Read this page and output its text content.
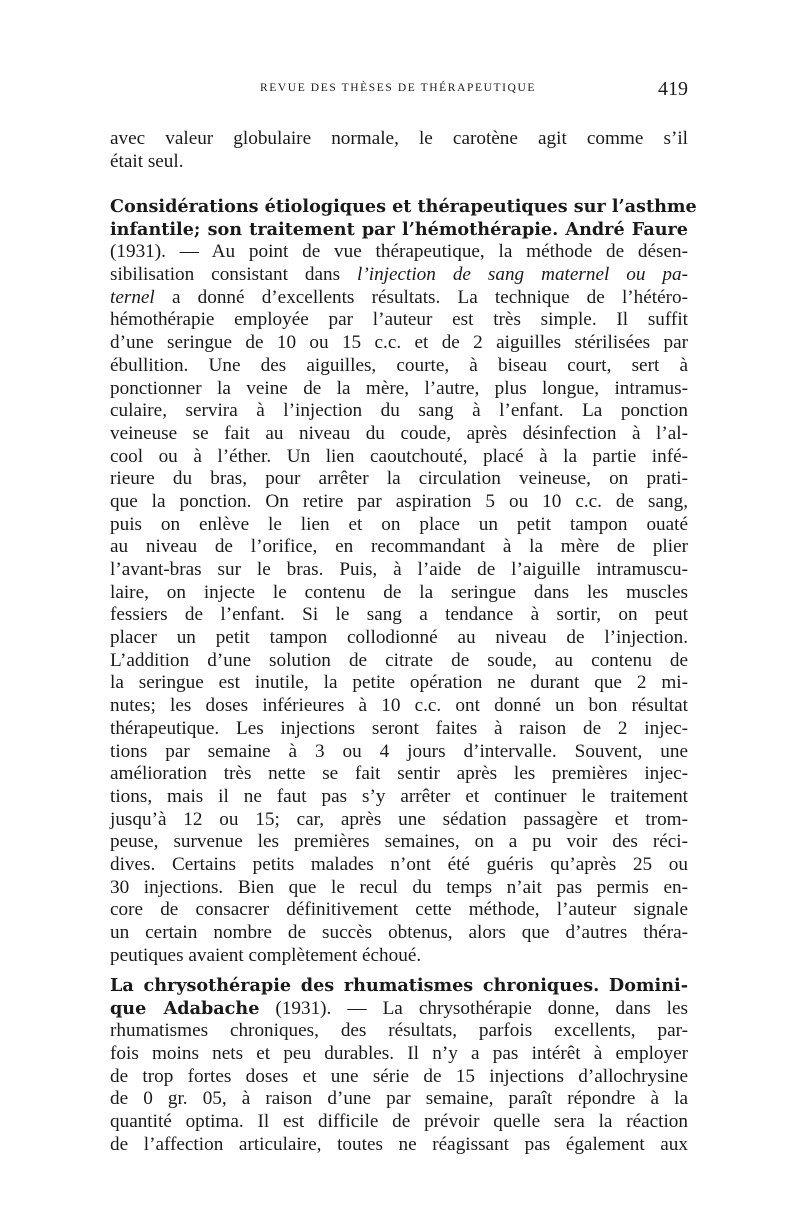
REVUE DES THÈSES DE THÉRAPEUTIQUE	419
avec valeur globulaire normale, le carotène agit comme s’il
était seul.
Considérations étiologiques et thérapeutiques sur l’asthme
infantile; son traitement par l’hémothérapie. André Faure
(1931). — Au point de vue thérapeutique, la méthode de désen-
sibilisation consistant dans l’injection de sang maternel ou pa-
ternel a donné d’excellents résultats. La technique de l’hétéro-
hémothérapie employée par l’auteur est très simple. Il suffit
d’une seringue de 10 ou 15 c.c. et de 2 aiguilles stérilisées par
ébullition. Une des aiguilles, courte, à biseau court, sert à
ponctionner la veine de la mère, l’autre, plus longue, intramus-
culaire, servira à l’injection du sang à l’enfant. La ponction
veineuse se fait au niveau du coude, après désinfection à l’al-
cool ou à l’éther. Un lien caoutchouté, placé à la partie infé-
rieure du bras, pour arrêter la circulation veineuse, on prati-
que la ponction. On retire par aspiration 5 ou 10 c.c. de sang,
puis on enlève le lien et on place un petit tampon ouaté
au niveau de l’orifice, en recommandant à la mère de plier
l’avant-bras sur le bras. Puis, à l’aide de l’aiguille intramuscu-
laire, on injecte le contenu de la seringue dans les muscles
fessiers de l’enfant. Si le sang a tendance à sortir, on peut
placer un petit tampon collodionné au niveau de l’injection.
L’addition d’une solution de citrate de soude, au contenu de
la seringue est inutile, la petite opération ne durant que 2 mi-
nutes; les doses inférieures à 10 c.c. ont donné un bon résultat
thérapeutique. Les injections seront faites à raison de 2 injec-
tions par semaine à 3 ou 4 jours d’intervalle. Souvent, une
amélioration très nette se fait sentir après les premières injec-
tions, mais il ne faut pas s’y arrêter et continuer le traitement
jusqu’à 12 ou 15; car, après une sédation passagère et trom-
peuse, survenue les premières semaines, on a pu voir des réci-
dives. Certains petits malades n’ont été guéris qu’après 25 ou
30 injections. Bien que le recul du temps n’ait pas permis en-
core de consacrer définitivement cette méthode, l’auteur signale
un certain nombre de succès obtenus, alors que d’autres théra-
peutiques avaient complètement échoué.
La chrysothérapie des rhumatismes chroniques. Domini-
que Adabache (1931). — La chrysothérapie donne, dans les
rhumatismes chroniques, des résultats, parfois excellents, par-
fois moins nets et peu durables. Il n’y a pas intérêt à employer
de trop fortes doses et une série de 15 injections d’allochrysine
de 0 gr. 05, à raison d’une par semaine, paraît répondre à la
quantité optima. Il est difficile de prévoir quelle sera la réaction
de l’affection articulaire, toutes ne réagissant pas également aux
